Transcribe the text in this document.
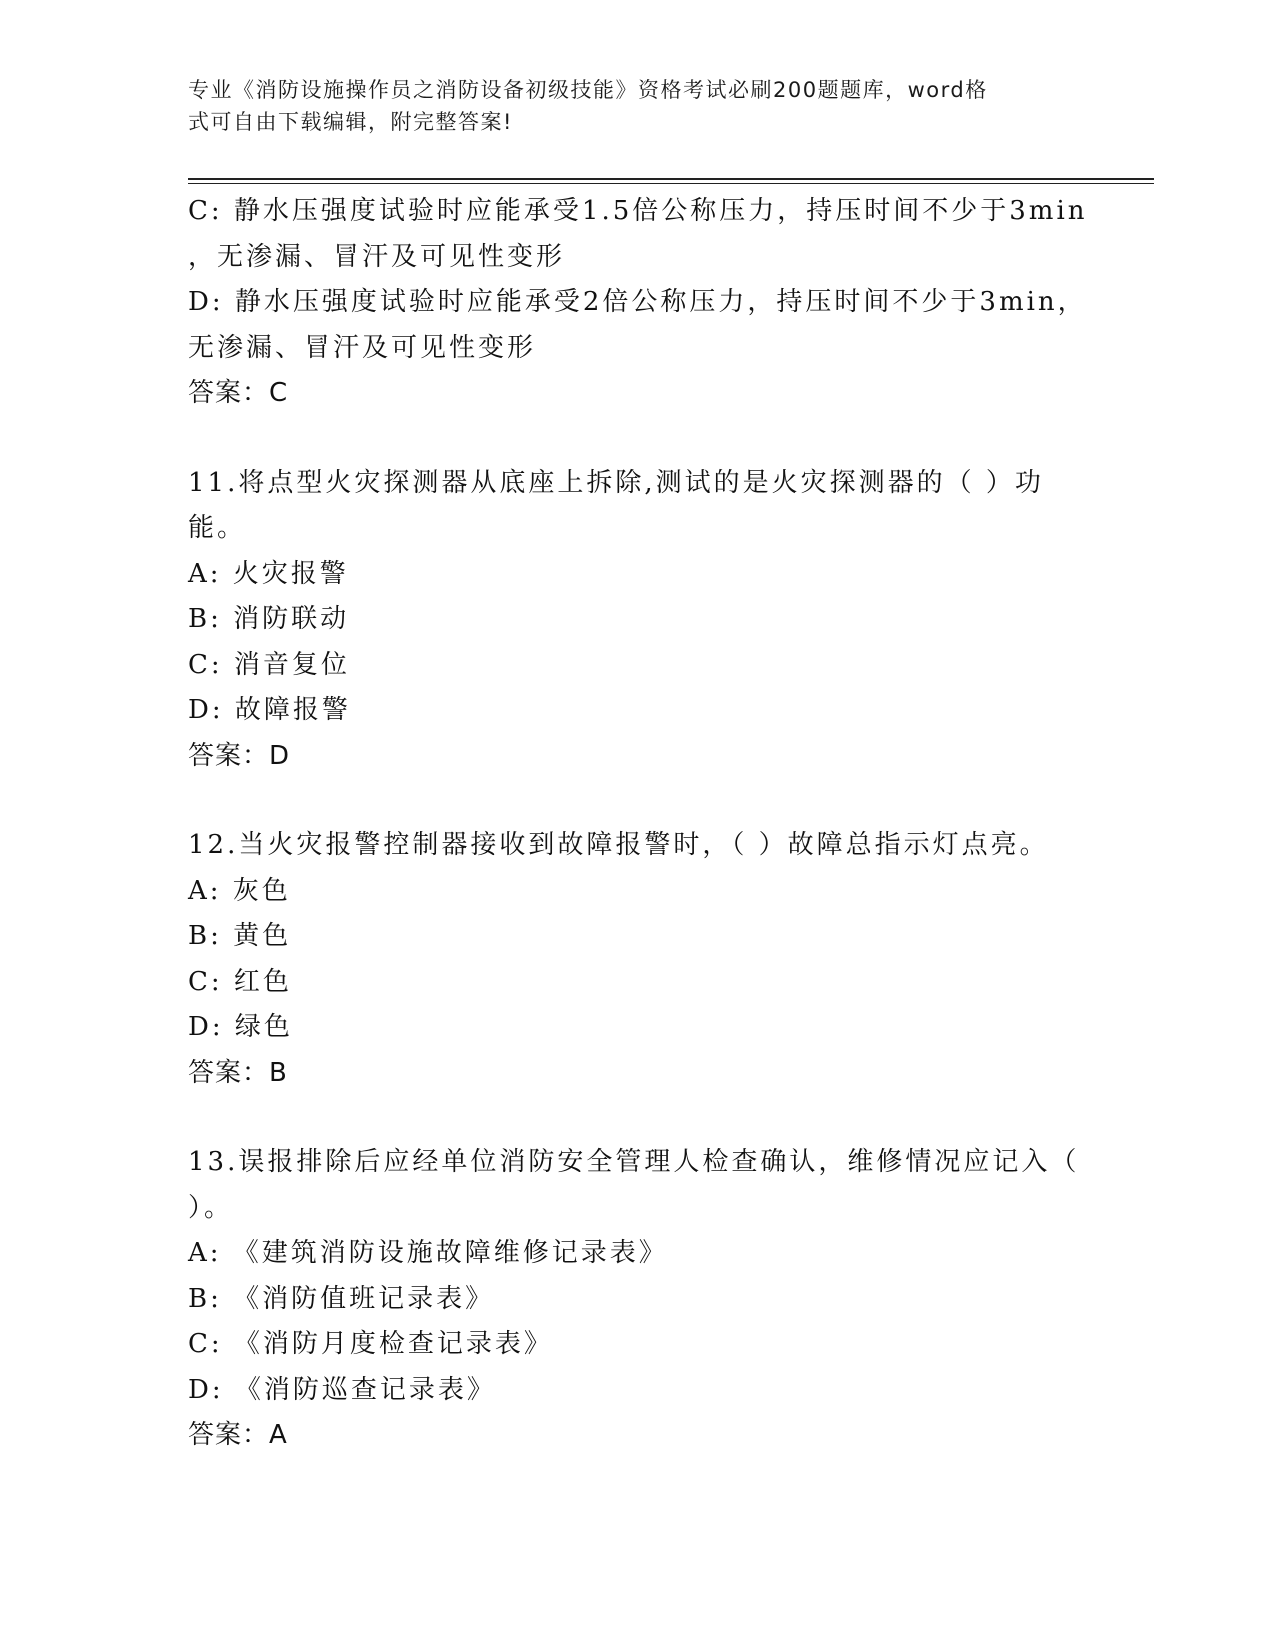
专业《消防设施操作员之消防设备初级技能》资格考试必刷200题题库，word格
式可自由下载编辑，附完整答案!
C: 静水压强度试验时应能承受1.5倍公称压力，持压时间不少于3min
，无渗漏、冒汗及可见性变形
D: 静水压强度试验时应能承受2倍公称压力，持压时间不少于3min，
无渗漏、冒汗及可见性变形
答案：C
11.将点型火灾探测器从底座上拆除,测试的是火灾探测器的（ ）功
能。
A: 火灾报警
B: 消防联动
C: 消音复位
D: 故障报警
答案：D
12.当火灾报警控制器接收到故障报警时，（ ）故障总指示灯点亮。
A: 灰色
B: 黄色
C: 红色
D: 绿色
答案：B
13.误报排除后应经单位消防安全管理人检查确认，维修情况应记入（
）。
A: 《建筑消防设施故障维修记录表》
B: 《消防值班记录表》
C: 《消防月度检查记录表》
D: 《消防巡查记录表》
答案：A
